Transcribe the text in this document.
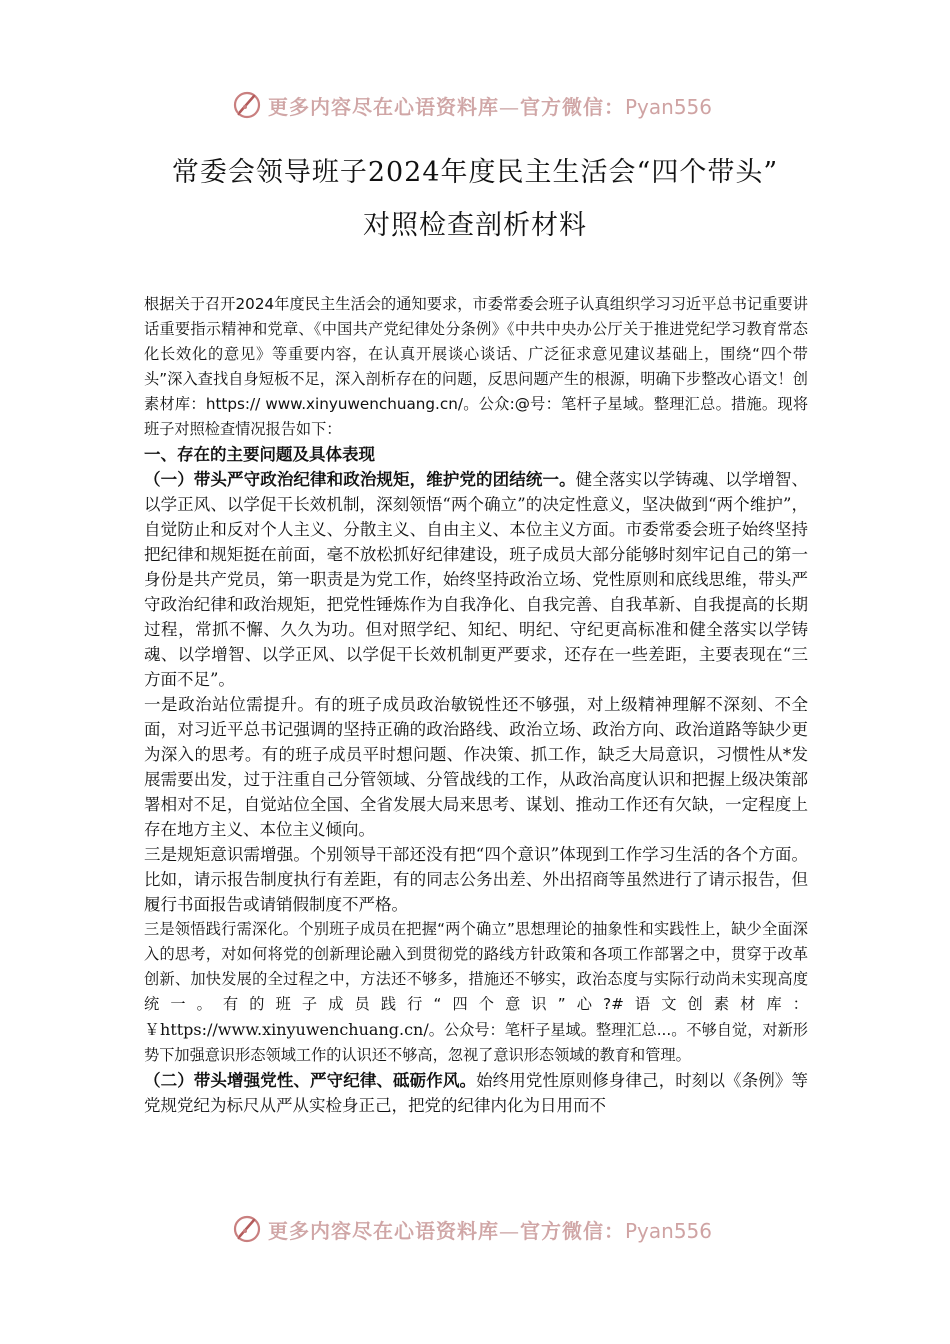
更多内容尽在心语资料库—官方微信：Pyan556
常委会领导班子2024年度民主生活会“四个带头”
对照检查剖析材料

根据关于召开2024年度民主生活会的通知要求，市委常委会班子认真组织学习习近平总书记重要讲话重要指示精神和党章、《中国共产党纪律处分条例》《中共中央办公厅关于推进党纪学习教育常态化长效化的意见》等重要内容，在认真开展谈心谈话、广泛征求意见建议基础上，围绕“四个带头”深入查找自身短板不足，深入剖析存在的问题，反思问题产生的根源，明确下步整改心语文！创素材库：https:// www.xinyuwenchuang.cn/。公众:@号：笔杆子星域。整理汇总。措施。现将班子对照检查情况报告如下：

一、存在的主要问题及具体表现

（一）带头严守政治纪律和政治规矩，维护党的团结统一。健全落实以学铸魂、以学增智、以学正风、以学促干长效机制，深刻领悟“两个确立”的决定性意义，坚决做到“两个维护”，自觉防止和反对个人主义、分散主义、自由主义、本位主义方面。市委常委会班子始终坚持把纪律和规矩挺在前面，毫不放松抓好纪律建设，班子成员大部分能够时刻牢记自己的第一身份是共产党员，第一职责是为党工作，始终坚持政治立场、党性原则和底线思维，带头严守政治纪律和政治规矩，把党性锤炼作为自我净化、自我完善、自我革新、自我提高的长期过程，常抓不懈、久久为功。但对照学纪、知纪、明纪、守纪更高标准和健全落实以学铸魂、以学增智、以学正风、以学促干长效机制更严要求，还存在一些差距，主要表现在“三方面不足”。

一是政治站位需提升。有的班子成员政治敏锐性还不够强，对上级精神理解不深刻、不全面，对习近平总书记强调的坚持正确的政治路线、政治立场、政治方向、政治道路等缺少更为深入的思考。有的班子成员平时想问题、作决策、抓工作，缺乏大局意识，习惯性从*发展需要出发，过于注重自己分管领域、分管战线的工作，从政治高度认识和把握上级决策部署相对不足，自觉站位全国、全省发展大局来思考、谋划、推动工作还有欠缺，一定程度上存在地方主义、本位主义倾向。

三是规矩意识需增强。个别领导干部还没有把“四个意识”体现到工作学习生活的各个方面。比如，请示报告制度执行有差距，有的同志公务出差、外出招商等虽然进行了请示报告，但履行书面报告或请销假制度不严格。

三是领悟践行需深化。个别班子成员在把握“两个确立”思想理论的抽象性和实践性上，缺少全面深入的思考，对如何将党的创新理论融入到贯彻党的路线方针政策和各项工作部署之中，贯穿于改革创新、加快发展的全过程之中，方法还不够多，措施还不够实，政治态度与实际行动尚未实现高度统一。有的班子成员践行“四个意识”心?#语文创素材库：￥https://www.xinyuwenchuang.cn/。公众号：笔杆子星域。整理汇总...。不够自觉，对新形势下加强意识形态领域工作的认识还不够高，忽视了意识形态领域的教育和管理。

（二）带头增强党性、严守纪律、砥砺作风。始终用党性原则修身律己，时刻以《条例》等党规党纪为标尺从严从实检身正己，把党的纪律内化为日用而不

更多内容尽在心语资料库—官方微信：Pyan556
